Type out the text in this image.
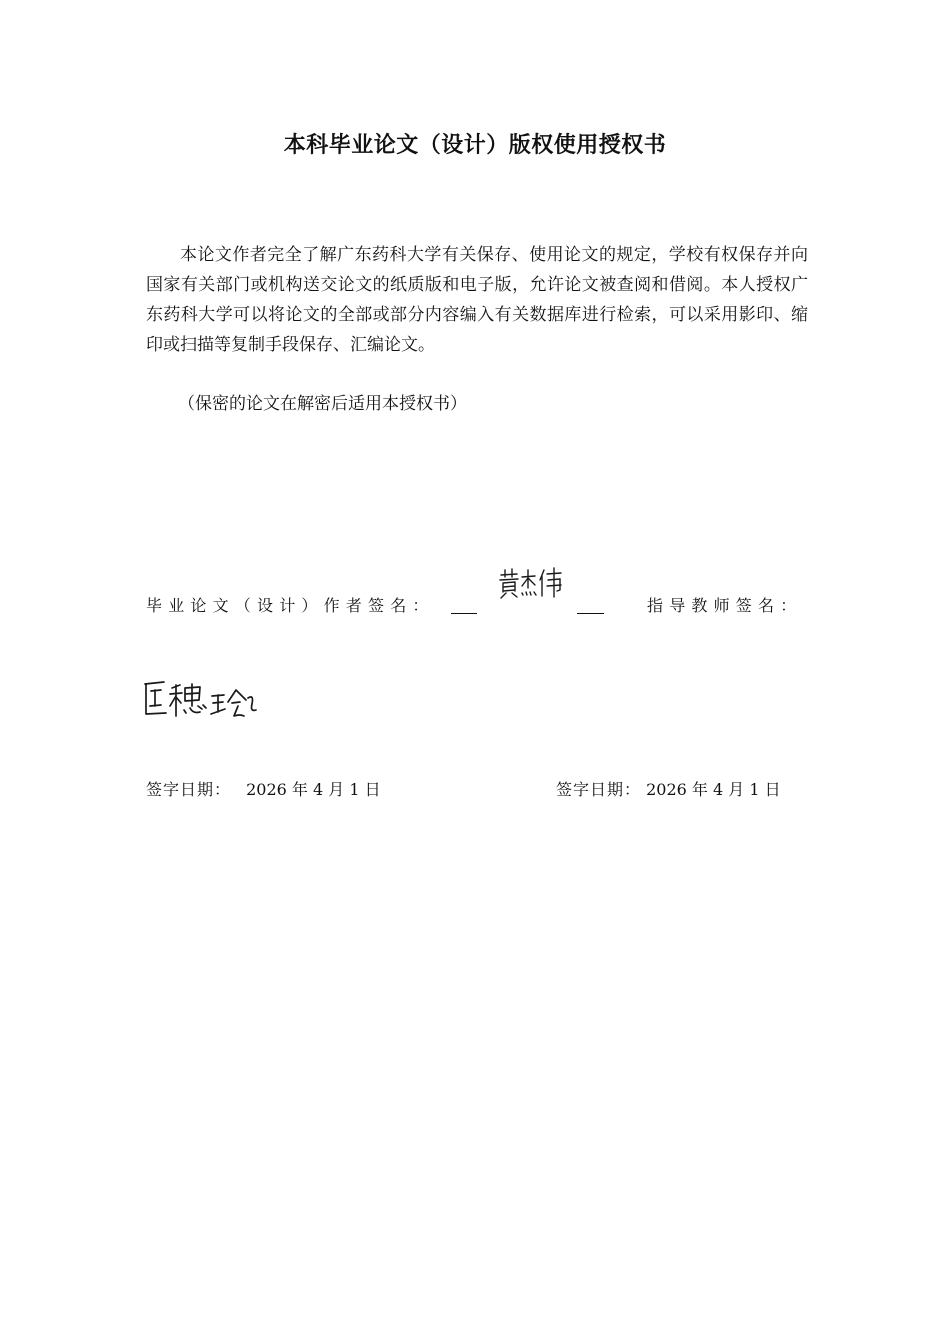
本科毕业论文（设计）版权使用授权书

本论文作者完全了解广东药科大学有关保存、使用论文的规定，学校有权保存并向国家有关部门或机构送交论文的纸质版和电子版，允许论文被查阅和借阅。本人授权广东药科大学可以将论文的全部或部分内容编入有关数据库进行检索，可以采用影印、缩印或扫描等复制手段保存、汇编论文。

（保密的论文在解密后适用本授权书）

毕业论文（设计）作者签名：	指导教师签名：
签字日期： 2026 年 4 月 1 日	签字日期： 2026 年 4 月 1 日
